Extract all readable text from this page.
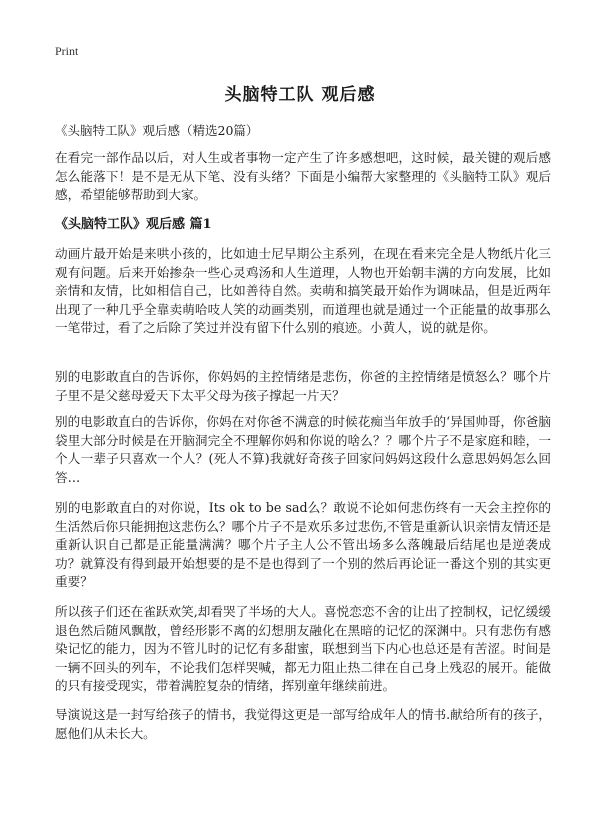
Print
头脑特工队 观后感

《头脑特工队》观后感（精选20篇）

在看完一部作品以后，对人生或者事物一定产生了许多感想吧，这时候，最关键的观后感怎么能落下！是不是无从下笔、没有头绪？下面是小编帮大家整理的《头脑特工队》观后感，希望能够帮助到大家。

《头脑特工队》观后感 篇1

动画片最开始是来哄小孩的，比如迪士尼早期公主系列，在现在看来完全是人物纸片化三观有问题。后来开始掺杂一些心灵鸡汤和人生道理，人物也开始朝丰满的方向发展，比如亲情和友情，比如相信自己，比如善待自然。卖萌和搞笑最开始作为调味品，但是近两年出现了一种几乎全靠卖萌哈吱人笑的动画类别，而道理也就是通过一个正能量的故事那么一笔带过，看了之后除了笑过并没有留下什么别的痕迹。小黄人，说的就是你。

别的电影敢直白的告诉你，你妈妈的主控情绪是悲伤，你爸的主控情绪是愤怒么？哪个片子里不是父慈母爱天下太平父母为孩子撑起一片天？

别的电影敢直白的告诉你，你妈在对你爸不满意的时候花痴当年放手的‘异国帅哥，你爸脑袋里大部分时候是在开脑洞完全不理解你妈和你说的啥么？？哪个片子不是家庭和睦，一个人一辈子只喜欢一个人？(死人不算)我就好奇孩子回家问妈妈这段什么意思妈妈怎么回答…

别的电影敢直白的对你说，Its ok to be sad么？敢说不论如何悲伤终有一天会主控你的生活然后你只能拥抱这悲伤么？哪个片子不是欢乐多过悲伤,不管是重新认识亲情友情还是重新认识自己都是正能量满满？哪个片子主人公不管出场多么落魄最后结尾也是逆袭成功？就算没有得到最开始想要的是不是也得到了一个别的然后再论证一番这个别的其实更重要？

所以孩子们还在雀跃欢笑,却看哭了半场的大人。喜悦恋恋不舍的让出了控制权，记忆缓缓退色然后随风飘散，曾经形影不离的幻想朋友融化在黑暗的记忆的深渊中。只有悲伤有感染记忆的能力，因为不管儿时的记忆有多甜蜜，联想到当下内心也总还是有苦涩。时间是一辆不回头的列车，不论我们怎样哭喊，都无力阻止热二律在自己身上残忍的展开。能做的只有接受现实，带着满腔复杂的情绪，挥别童年继续前进。

导演说这是一封写给孩子的情书，我觉得这更是一部写给成年人的情书.献给所有的孩子，愿他们从未长大。
